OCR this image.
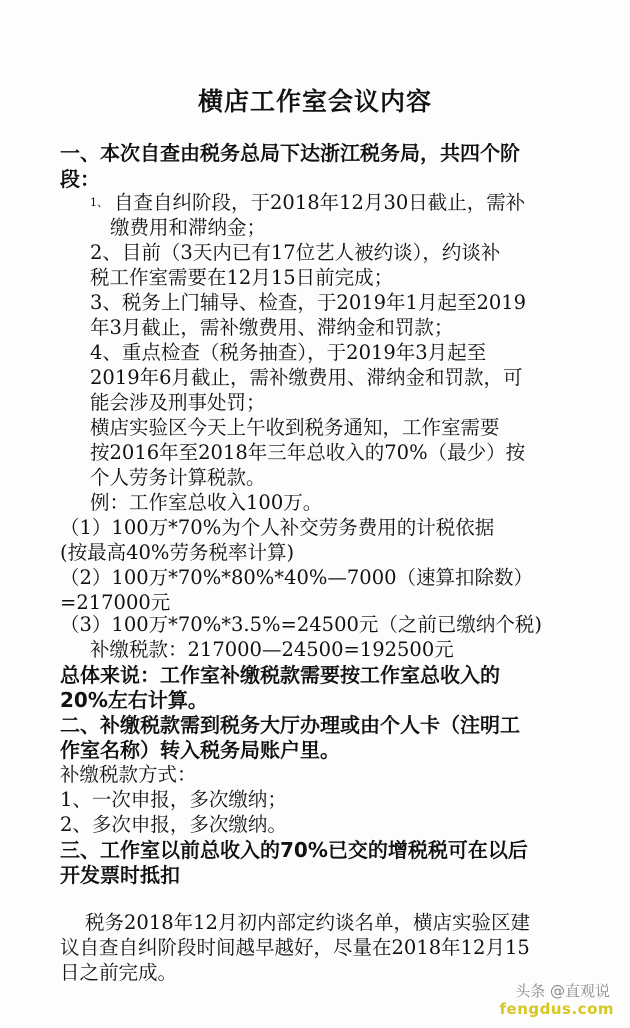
横店工作室会议内容
一、本次自查由税务总局下达浙江税务局，共四个阶
段：
1、 自查自纠阶段，于2018年12月30日截止，需补
缴费用和滞纳金；
2、目前（3天内已有17位艺人被约谈），约谈补
税工作室需要在12月15日前完成；
3、税务上门辅导、检查，于2019年1月起至2019
年3月截止，需补缴费用、滞纳金和罚款；
4、重点检查（税务抽查），于2019年3月起至
2019年6月截止，需补缴费用、滞纳金和罚款，可
能会涉及刑事处罚；
横店实验区今天上午收到税务通知，工作室需要
按2016年至2018年三年总收入的70%（最少）按
个人劳务计算税款。
例：工作室总收入100万。
（1）100万*70%为个人补交劳务费用的计税依据
(按最高40%劳务税率计算)
（2）100万*70%*80%*40%—7000（速算扣除数）
=217000元
（3）100万*70%*3.5%=24500元（之前已缴纳个税)
补缴税款：217000—24500=192500元
总体来说：工作室补缴税款需要按工作室总收入的
20%左右计算。
二、补缴税款需到税务大厅办理或由个人卡（注明工
作室名称）转入税务局账户里。
补缴税款方式：
1、一次申报，多次缴纳；
2、多次申报，多次缴纳。
三、工作室以前总收入的70%已交的增税税可在以后
开发票时抵扣
税务2018年12月初内部定约谈名单，横店实验区建
议自查自纠阶段时间越早越好，尽量在2018年12月15
日之前完成。
头条 @直观说
fengdus.com
